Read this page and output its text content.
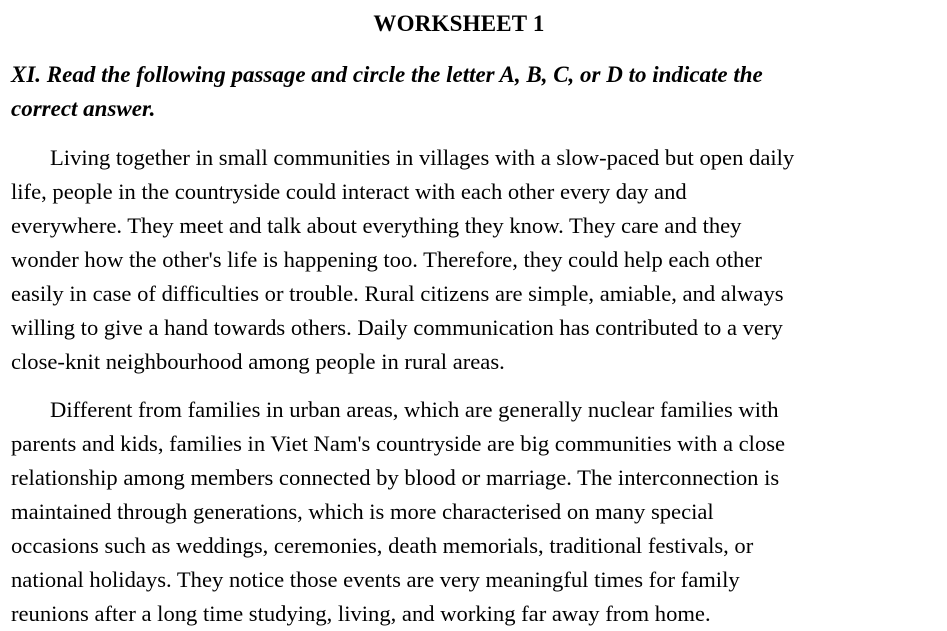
WORKSHEET 1
XI. Read the following passage and circle the letter A, B, C, or D to indicate the
correct answer.
Living together in small communities in villages with a slow-paced but open daily
life, people in the countryside could interact with each other every day and
everywhere. They meet and talk about everything they know. They care and they
wonder how the other's life is happening too. Therefore, they could help each other
easily in case of difficulties or trouble. Rural citizens are simple, amiable, and always
willing to give a hand towards others. Daily communication has contributed to a very
close-knit neighbourhood among people in rural areas.
Different from families in urban areas, which are generally nuclear families with
parents and kids, families in Viet Nam's countryside are big communities with a close
relationship among members connected by blood or marriage. The interconnection is
maintained through generations, which is more characterised on many special
occasions such as weddings, ceremonies, death memorials, traditional festivals, or
national holidays. They notice those events are very meaningful times for family
reunions after a long time studying, living, and working far away from home.
